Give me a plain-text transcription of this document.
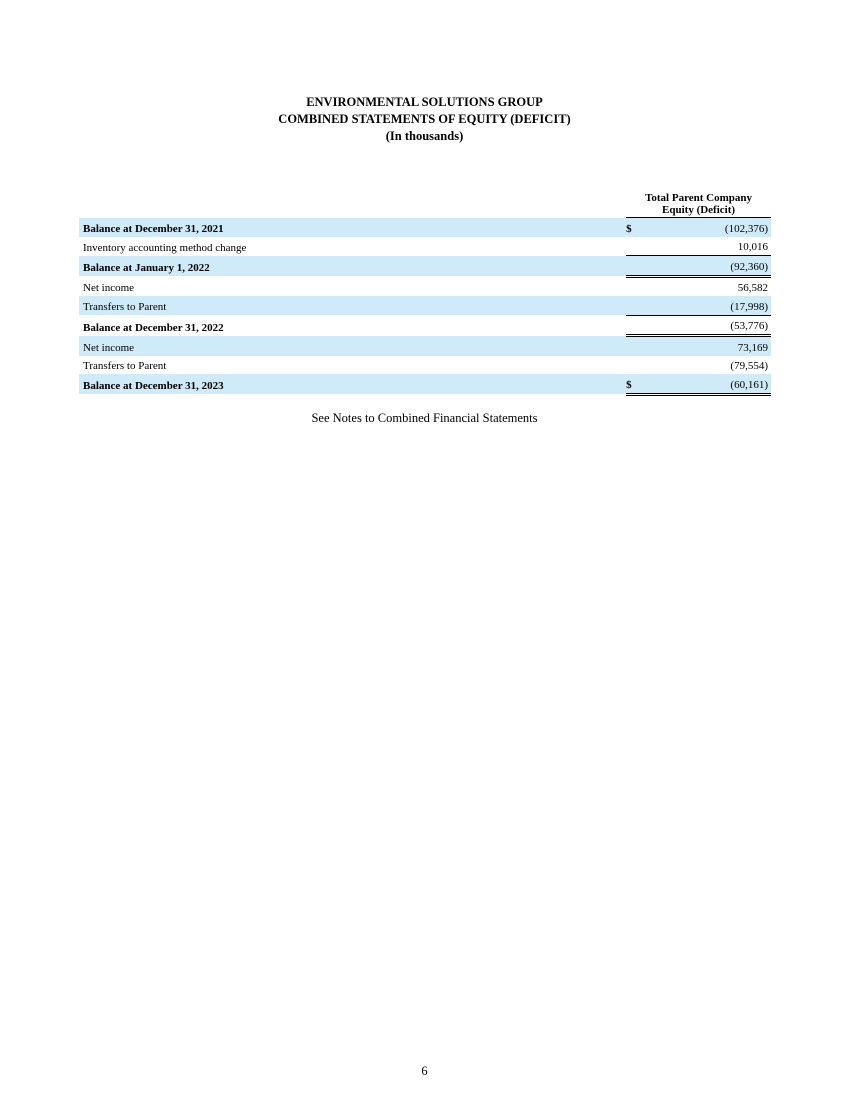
ENVIRONMENTAL SOLUTIONS GROUP
COMBINED STATEMENTS OF EQUITY (DEFICIT)
(In thousands)

		Total Parent Company
Equity (Deficit)	

Balance at December 31, 2021		$	(102,376)
Inventory accounting method change			10,016
Balance at January 1, 2022			(92,360)
Net income			56,582
Transfers to Parent			(17,998)
Balance at December 31, 2022			(53,776)
Net income			73,169
Transfers to Parent			(79,554)
Balance at December 31, 2023		$	(60,161)
See Notes to Combined Financial Statements
6
